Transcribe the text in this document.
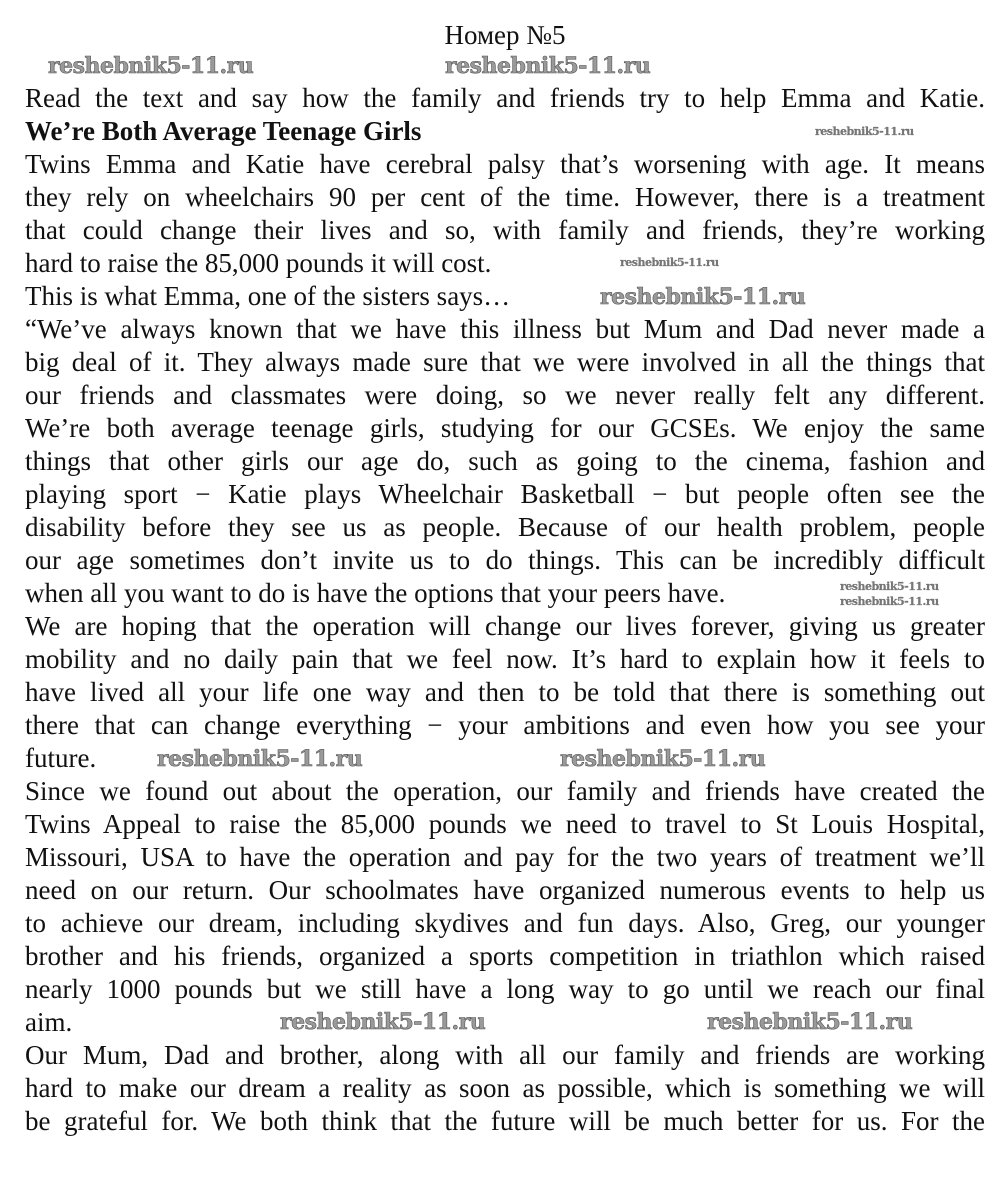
Номер №5
Read the text and say how the family and friends try to help Emma and Katie.
We’re Both Average Teenage Girls
Twins Emma and Katie have cerebral palsy that’s worsening with age. It means
they rely on wheelchairs 90 per cent of the time. However, there is a treatment
that could change their lives and so, with family and friends, they’re working
hard to raise the 85,000 pounds it will cost.
This is what Emma, one of the sisters says…
“We’ve always known that we have this illness but Mum and Dad never made a
big deal of it. They always made sure that we were involved in all the things that
our friends and classmates were doing, so we never really felt any different.
We’re both average teenage girls, studying for our GCSEs. We enjoy the same
things that other girls our age do, such as going to the cinema, fashion and
playing sport − Katie plays Wheelchair Basketball − but people often see the
disability before they see us as people. Because of our health problem, people
our age sometimes don’t invite us to do things. This can be incredibly difficult
when all you want to do is have the options that your peers have.
We are hoping that the operation will change our lives forever, giving us greater
mobility and no daily pain that we feel now. It’s hard to explain how it feels to
have lived all your life one way and then to be told that there is something out
there that can change everything − your ambitions and even how you see your
future.
Since we found out about the operation, our family and friends have created the
Twins Appeal to raise the 85,000 pounds we need to travel to St Louis Hospital,
Missouri, USA to have the operation and pay for the two years of treatment we’ll
need on our return. Our schoolmates have organized numerous events to help us
to achieve our dream, including skydives and fun days. Also, Greg, our younger
brother and his friends, organized a sports competition in triathlon which raised
nearly 1000 pounds but we still have a long way to go until we reach our final
aim.
Our Mum, Dad and brother, along with all our family and friends are working
hard to make our dream a reality as soon as possible, which is something we will
be grateful for. We both think that the future will be much better for us. For the
reshebnik5-11.ru	reshebnik5-11.ru
reshebnik5-11.ru
reshebnik5-11.ru
reshebnik5-11.ru
reshebnik5-11.ru
reshebnik5-11.ru
reshebnik5-11.ru
reshebnik5-11.ru
reshebnik5-11.ru	reshebnik5-11.ru
